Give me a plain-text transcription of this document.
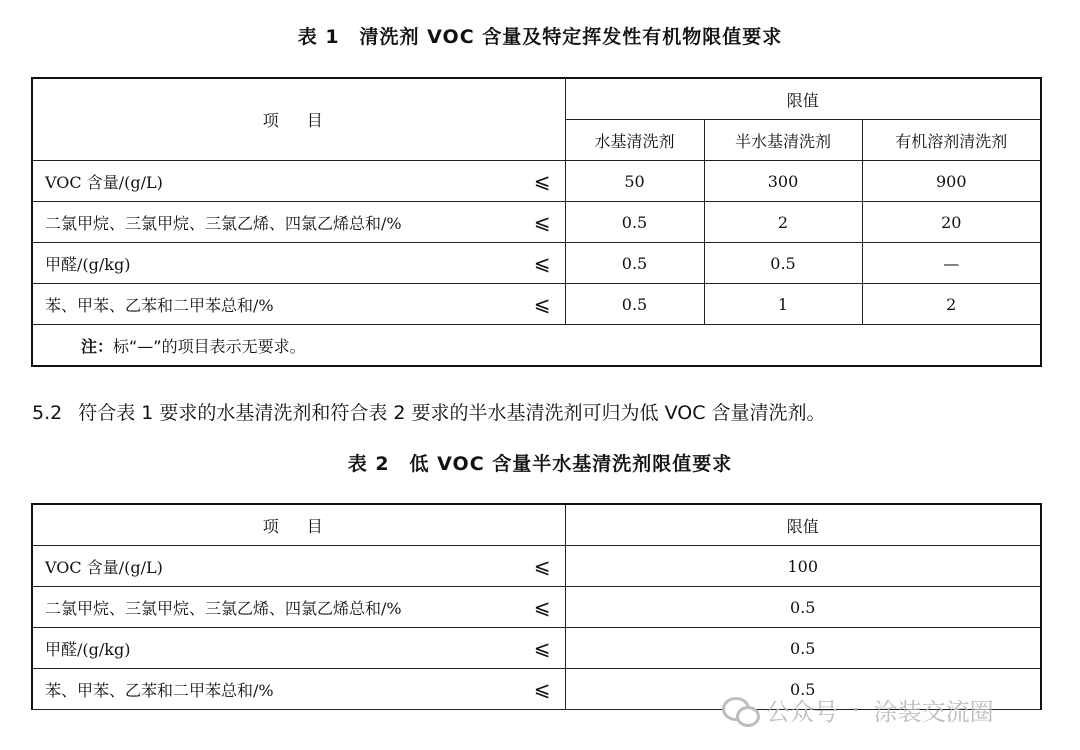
表 1　清洗剂 VOC 含量及特定挥发性有机物限值要求
项目	限值		
	水基清洗剂	半水基清洗剂	有机溶剂清洗剂
VOC 含量/(g/L) ⩽	50	300	900
二氯甲烷、三氯甲烷、三氯乙烯、四氯乙烯总和/% ⩽	0.5	2	20
甲醛/(g/kg) ⩽	0.5	0.5	—
苯、甲苯、乙苯和二甲苯总和/% ⩽	0.5	1	2
注：标“—”的项目表示无要求。			
5.2 符合表 1 要求的水基清洗剂和符合表 2 要求的半水基清洗剂可归为低 VOC 含量清洗剂。
表 2　低 VOC 含量半水基清洗剂限值要求
项目	限值
VOC 含量/(g/L) ⩽	100
二氯甲烷、三氯甲烷、三氯乙烯、四氯乙烯总和/% ⩽	0.5
甲醛/(g/kg) ⩽	0.5
苯、甲苯、乙苯和二甲苯总和/% ⩽	0.5
公众号 · 涂装交流圈
